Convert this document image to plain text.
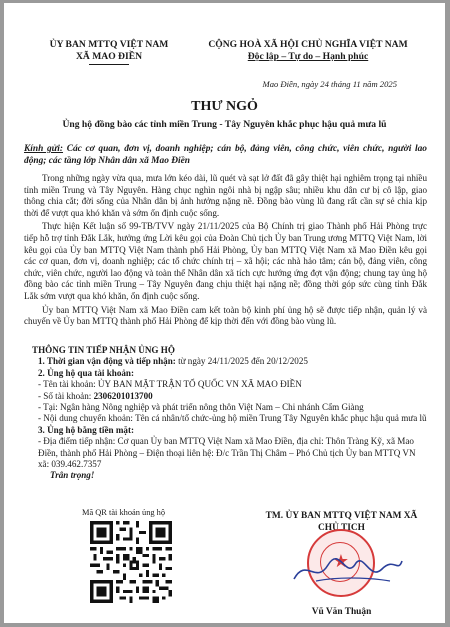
ỦY BAN MTTQ VIỆT NAM
XÃ MAO ĐIỀN
CỘNG HOÀ XÃ HỘI CHỦ NGHĨA VIỆT NAM
Độc lập – Tự do – Hạnh phúc
Mao Điền, ngày 24 tháng 11 năm 2025
THƯ NGỎ
Ủng hộ đồng bào các tỉnh miền Trung - Tây Nguyên khắc phục hậu quả mưa lũ
Kính gửi: Các cơ quan, đơn vị, doanh nghiệp; cán bộ, đảng viên, công chức, viên chức, người lao động; các tầng lớp Nhân dân xã Mao Điền

Trong những ngày vừa qua, mưa lớn kéo dài, lũ quét và sạt lở đất đã gây thiệt hại nghiêm trọng tại nhiều tỉnh miền Trung và Tây Nguyên. Hàng chục nghìn ngôi nhà bị ngập sâu; nhiều khu dân cư bị cô lập, giao thông chia cắt; đời sống của Nhân dân bị ảnh hưởng nặng nề. Đồng bào vùng lũ đang rất cần sự sẻ chia kịp thời để vượt qua khó khăn và sớm ổn định cuộc sống.

Thực hiện Kết luận số 99-TB/TVV ngày 21/11/2025 của Bộ Chính trị giao Thành phố Hải Phòng trực tiếp hỗ trợ tỉnh Đắk Lắk, hưởng ứng Lời kêu gọi của Đoàn Chủ tịch Ủy ban Trung ương MTTQ Việt Nam, lời kêu gọi của Ủy ban MTTQ Việt Nam thành phố Hải Phòng, Ủy ban MTTQ Việt Nam xã Mao Điền kêu gọi các cơ quan, đơn vị, doanh nghiệp; các tổ chức chính trị – xã hội; các nhà hảo tâm; cán bộ, đảng viên, công chức, viên chức, người lao động và toàn thể Nhân dân xã tích cực hướng ứng đợt vận động; chung tay ủng hộ đồng bào các tỉnh miền Trung – Tây Nguyên đang chịu thiệt hại nặng nề; đồng thời góp sức cùng tỉnh Đắk Lắk sớm vượt qua khó khăn, ổn định cuộc sống.

Ủy ban MTTQ Việt Nam xã Mao Điền cam kết toàn bộ kinh phí ủng hộ sẽ được tiếp nhận, quản lý và chuyển về Ủy ban MTTQ thành phố Hải Phòng để kịp thời đến với đồng bào vùng lũ.

THÔNG TIN TIẾP NHẬN ỦNG HỘ
1. Thời gian vận động và tiếp nhận: từ ngày 24/11/2025 đến 20/12/2025
2. Ủng hộ qua tài khoản:
- Tên tài khoản: ỦY BAN MẶT TRẬN TỔ QUỐC VN XÃ MAO ĐIỀN
- Số tài khoản: 2306201013700
- Tại: Ngân hàng Nông nghiệp và phát triển nông thôn Việt Nam – Chi nhánh Cẩm Giàng
- Nội dung chuyển khoản: Tên cá nhân/tổ chức-ủng hộ miền Trung Tây Nguyên khắc phục hậu quả mưa lũ
3. Ủng hộ bằng tiền mặt:
- Địa điểm tiếp nhận: Cơ quan Ủy ban MTTQ Việt Nam xã Mao Điền, địa chỉ: Thôn Tràng Kỹ, xã Mao Điền, thành phố Hải Phòng – Điện thoại liên hệ: Đ/c Trần Thị Châm – Phó Chủ tịch Ủy ban MTTQ VN xã: 039.462.7357
Trân trọng!
Mã QR tài khoản ủng hộ	TM. ỦY BAN MTTQ VIỆT NAM XÃ
CHỦ TỊCH
★
Vũ Văn Thuận
